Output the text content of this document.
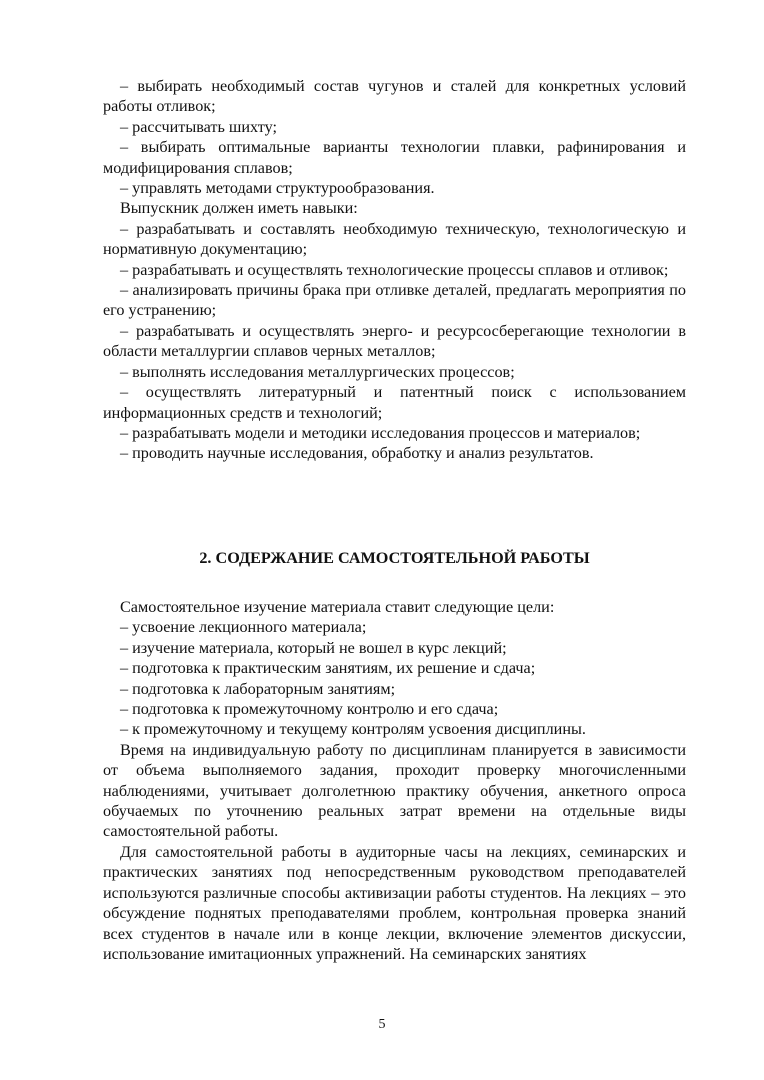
– выбирать необходимый состав чугунов и сталей для конкретных условий работы отливок;

– рассчитывать шихту;

– выбирать оптимальные варианты технологии плавки, рафинирования и модифицирования сплавов;

– управлять методами структурообразования.

Выпускник должен иметь навыки:

– разрабатывать и составлять необходимую техническую, технологическую и нормативную документацию;

– разрабатывать и осуществлять технологические процессы сплавов и отливок;

– анализировать причины брака при отливке деталей, предлагать мероприятия по его устранению;

– разрабатывать и осуществлять энерго- и ресурсосберегающие технологии в области металлургии сплавов черных металлов;

– выполнять исследования металлургических процессов;

– осуществлять литературный и патентный поиск с использованием информационных средств и технологий;

– разрабатывать модели и методики исследования процессов и материалов;

– проводить научные исследования, обработку и анализ результатов.

2. СОДЕРЖАНИЕ САМОСТОЯТЕЛЬНОЙ РАБОТЫ

Самостоятельное изучение материала ставит следующие цели:

– усвоение лекционного материала;

– изучение материала, который не вошел в курс лекций;

– подготовка к практическим занятиям, их решение и сдача;

– подготовка к лабораторным занятиям;

– подготовка к промежуточному контролю и его сдача;

– к промежуточному и текущему контролям усвоения дисциплины.

Время на индивидуальную работу по дисциплинам планируется в зависимости от объема выполняемого задания, проходит проверку многочисленными наблюдениями, учитывает долголетнюю практику обучения, анкетного опроса обучаемых по уточнению реальных затрат времени на отдельные виды самостоятельной работы.

Для самостоятельной работы в аудиторные часы на лекциях, семинарских и практических занятиях под непосредственным руководством преподавателей используются различные способы активизации работы студентов. На лекциях – это обсуждение поднятых преподавателями проблем, контрольная проверка знаний всех студентов в начале или в конце лекции, включение элементов дискуссии, использование имитационных упражнений. На семинарских занятиях

5
